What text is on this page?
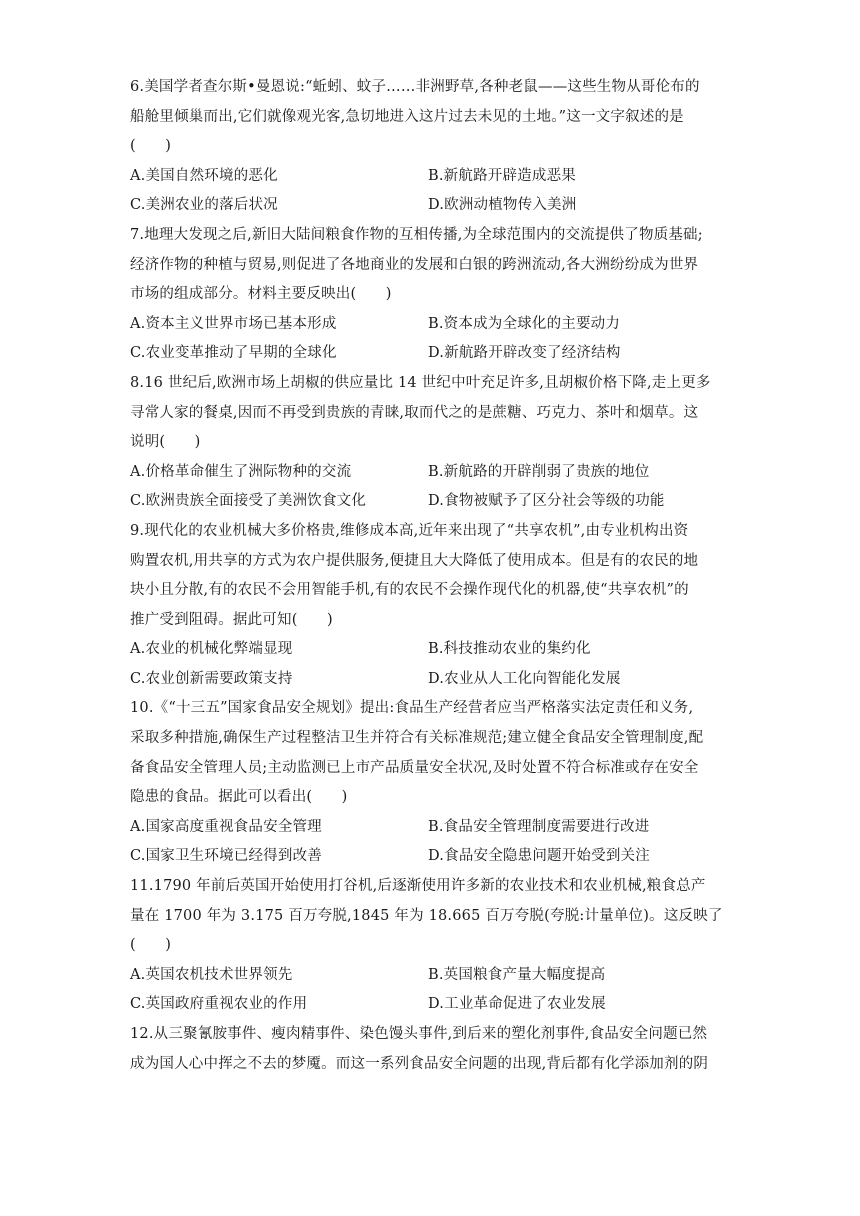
6.美国学者查尔斯•曼恩说:“蚯蚓、蚊子……非洲野草,各种老鼠——这些生物从哥伦布的
船舱里倾巢而出,它们就像观光客,急切地进入这片过去未见的土地。”这一文字叙述的是
(　　)
A.美国自然环境的恶化	B.新航路开辟造成恶果
C.美洲农业的落后状况	D.欧洲动植物传入美洲
7.地理大发现之后,新旧大陆间粮食作物的互相传播,为全球范围内的交流提供了物质基础;
经济作物的种植与贸易,则促进了各地商业的发展和白银的跨洲流动,各大洲纷纷成为世界
市场的组成部分。材料主要反映出(　　)
A.资本主义世界市场已基本形成	B.资本成为全球化的主要动力
C.农业变革推动了早期的全球化	D.新航路开辟改变了经济结构
8.16 世纪后,欧洲市场上胡椒的供应量比 14 世纪中叶充足许多,且胡椒价格下降,走上更多
寻常人家的餐桌,因而不再受到贵族的青睐,取而代之的是蔗糖、巧克力、茶叶和烟草。这
说明(　　)
A.价格革命催生了洲际物种的交流	B.新航路的开辟削弱了贵族的地位
C.欧洲贵族全面接受了美洲饮食文化	D.食物被赋予了区分社会等级的功能
9.现代化的农业机械大多价格贵,维修成本高,近年来出现了“共享农机”,由专业机构出资
购置农机,用共享的方式为农户提供服务,便捷且大大降低了使用成本。但是有的农民的地
块小且分散,有的农民不会用智能手机,有的农民不会操作现代化的机器,使“共享农机”的
推广受到阻碍。据此可知(　　)
A.农业的机械化弊端显现	B.科技推动农业的集约化
C.农业创新需要政策支持	D.农业从人工化向智能化发展
10.《“十三五”国家食品安全规划》提出:食品生产经营者应当严格落实法定责任和义务,
采取多种措施,确保生产过程整洁卫生并符合有关标准规范;建立健全食品安全管理制度,配
备食品安全管理人员;主动监测已上市产品质量安全状况,及时处置不符合标准或存在安全
隐患的食品。据此可以看出(　　)
A.国家高度重视食品安全管理	B.食品安全管理制度需要进行改进
C.国家卫生环境已经得到改善	D.食品安全隐患问题开始受到关注
11.1790 年前后英国开始使用打谷机,后逐渐使用许多新的农业技术和农业机械,粮食总产
量在 1700 年为 3.175 百万夸脱,1845 年为 18.665 百万夸脱(夸脱:计量单位)。这反映了
(　　)
A.英国农机技术世界领先	B.英国粮食产量大幅度提高
C.英国政府重视农业的作用	D.工业革命促进了农业发展
12.从三聚氰胺事件、瘦肉精事件、染色馒头事件,到后来的塑化剂事件,食品安全问题已然
成为国人心中挥之不去的梦魇。而这一系列食品安全问题的出现,背后都有化学添加剂的阴
